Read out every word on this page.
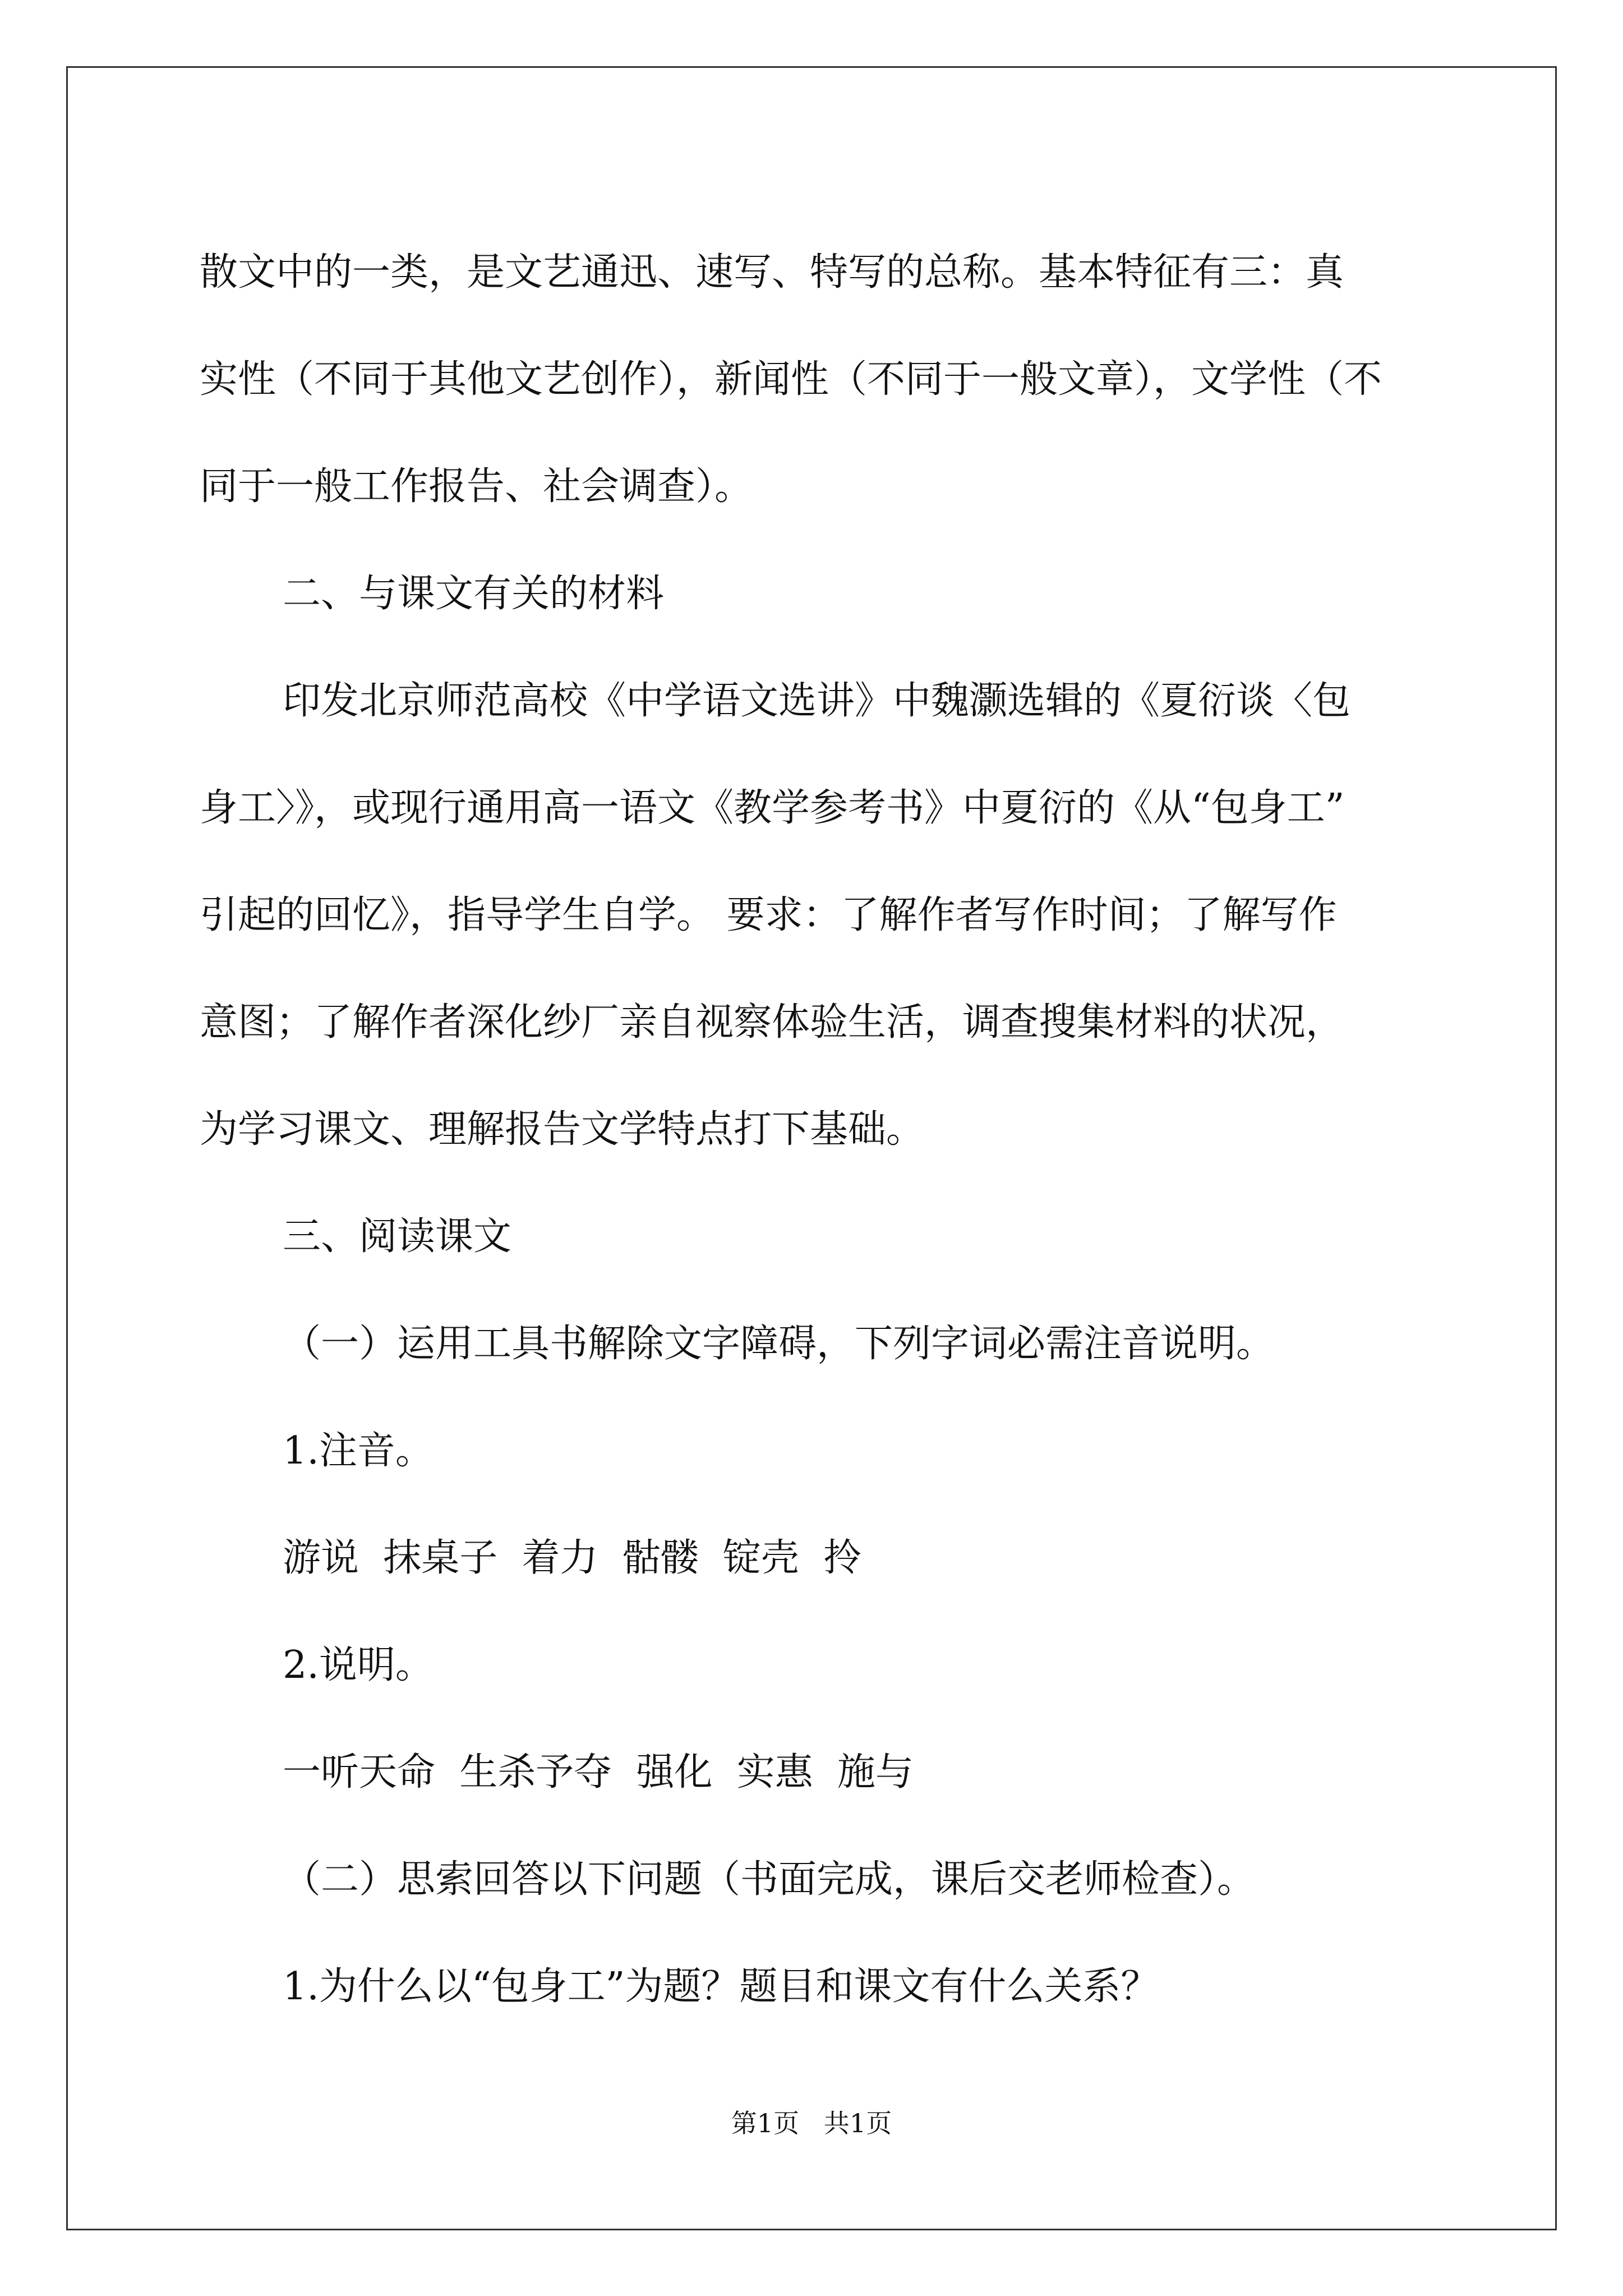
散文中的一类，是文艺通迅、速写、特写的总称。基本特征有三：真
实性（不同于其他文艺创作），新闻性（不同于一般文章），文学性（不
同于一般工作报告、社会调查）。
二、与课文有关的材料
印发北京师范高校《中学语文选讲》中魏灏选辑的《夏衍谈〈包
身工〉》，或现行通用高一语文《教学参考书》中夏衍的《从“包身工”
引起的回忆》，指导学生自学。 要求：了解作者写作时间；了解写作
意图；了解作者深化纱厂亲自视察体验生活，调查搜集材料的状况，
为学习课文、理解报告文学特点打下基础。
三、阅读课文
（一）运用工具书解除文字障碍，下列字词必需注音说明。
1.注音。
游说  抹桌子  着力  骷髅  锭壳  拎
2.说明。
一听天命  生杀予夺  强化  实惠  施与
（二）思索回答以下问题（书面完成，课后交老师检查）。
1.为什么以“包身工”为题？题目和课文有什么关系？
第1页   共1页
